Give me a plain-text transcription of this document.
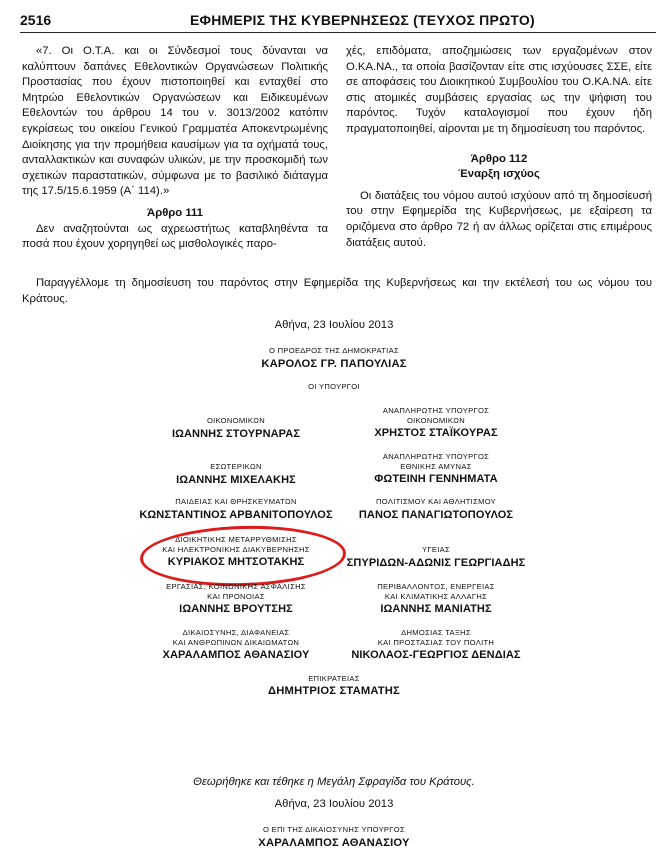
2516	ΕΦΗΜΕΡΙΣ ΤΗΣ ΚΥΒΕΡΝΗΣΕΩΣ (ΤΕΥΧΟΣ ΠΡΩΤΟ)

«7. Οι Ο.Τ.Α. και οι Σύνδεσμοί τους δύνανται να καλύπτουν δαπάνες Εθελοντικών Οργανώσεων Πολιτικής Προστασίας που έχουν πιστοποιηθεί και ενταχθεί στο Μητρώο Εθελοντικών Οργανώσεων και Ειδικευμένων Εθελοντών του άρθρου 14 του ν. 3013/2002 κατόπιν εγκρίσεως του οικείου Γενικού Γραμματέα Αποκεντρωμένης Διοίκησης για την προμήθεια καυσίμων για τα οχήματά τους, ανταλλακτικών και συναφών υλικών, με την προσκομιδή των σχετικών παραστατικών, σύμφωνα με το βασιλικό διάταγμα της 17.5/15.6.1959 (Α΄ 114).»

Άρθρο 111

Δεν αναζητούνται ως αχρεωστήτως καταβληθέντα τα ποσά που έχουν χορηγηθεί ως μισθολογικές παρο-

χές, επιδόματα, αποζημιώσεις των εργαζομένων στον Ο.ΚΑ.ΝΑ., τα οποία βασίζονταν είτε στις ισχύουσες ΣΣΕ, είτε σε αποφάσεις του Διοικητικού Συμβουλίου του Ο.ΚΑ.ΝΑ. είτε στις ατομικές συμβάσεις εργασίας ως την ψήφιση του παρόντος. Τυχόν καταλογισμοί που έχουν ήδη πραγματοποιηθεί, αίρονται με τη δημοσίευση του παρόντος.

Άρθρο 112

Έναρξη ισχύος

Οι διατάξεις του νόμου αυτού ισχύουν από τη δημοσίευσή του στην Εφημερίδα της Κυβερνήσεως, με εξαίρεση τα οριζόμενα στο άρθρο 72 ή αν άλλως ορίζεται στις επιμέρους διατάξεις αυτού.

Παραγγέλλομε τη δημοσίευση του παρόντος στην Εφημερίδα της Κυβερνήσεως και την εκτέλεσή του ως νόμου του Κράτους.

Αθήνα, 23 Ιουλίου 2013
Ο ΠΡΟΕΔΡΟΣ ΤΗΣ ΔΗΜΟΚΡΑΤΙΑΣ
ΚΑΡΟΛΟΣ ΓΡ. ΠΑΠΟΥΛΙΑΣ
ΟΙ ΥΠΟΥΡΓΟΙ
ΟΙΚΟΝΟΜΙΚΩΝ
ΙΩΑΝΝΗΣ ΣΤΟΥΡΝΑΡΑΣ
ΑΝΑΠΛΗΡΩΤΗΣ ΥΠΟΥΡΓΟΣ
ΟΙΚΟΝΟΜΙΚΩΝ
ΧΡΗΣΤΟΣ ΣΤΑΪΚΟΥΡΑΣ
ΕΣΩΤΕΡΙΚΩΝ
ΙΩΑΝΝΗΣ ΜΙΧΕΛΑΚΗΣ
ΑΝΑΠΛΗΡΩΤΗΣ ΥΠΟΥΡΓΟΣ
ΕΘΝΙΚΗΣ ΑΜΥΝΑΣ
ΦΩΤΕΙΝΗ ΓΕΝΝΗΜΑΤΑ
ΠΑΙΔΕΙΑΣ ΚΑΙ ΘΡΗΣΚΕΥΜΑΤΩΝ
ΚΩΝΣΤΑΝΤΙΝΟΣ ΑΡΒΑΝΙΤΟΠΟΥΛΟΣ
ΠΟΛΙΤΙΣΜΟΥ ΚΑΙ ΑΘΛΗΤΙΣΜΟΥ
ΠΑΝΟΣ ΠΑΝΑΓΙΩΤΟΠΟΥΛΟΣ
ΔΙΟΙΚΗΤΙΚΗΣ ΜΕΤΑΡΡΥΘΜΙΣΗΣ
ΚΑΙ ΗΛΕΚΤΡΟΝΙΚΗΣ ΔΙΑΚΥΒΕΡΝΗΣΗΣ
ΚΥΡΙΑΚΟΣ ΜΗΤΣΟΤΑΚΗΣ
ΥΓΕΙΑΣ
ΣΠΥΡΙΔΩΝ-ΑΔΩΝΙΣ ΓΕΩΡΓΙΑΔΗΣ
ΕΡΓΑΣΙΑΣ, ΚΟΙΝΩΝΙΚΗΣ ΑΣΦΑΛΙΣΗΣ
ΚΑΙ ΠΡΟΝΟΙΑΣ
ΙΩΑΝΝΗΣ ΒΡΟΥΤΣΗΣ
ΠΕΡΙΒΑΛΛΟΝΤΟΣ, ΕΝΕΡΓΕΙΑΣ
ΚΑΙ ΚΛΙΜΑΤΙΚΗΣ ΑΛΛΑΓΗΣ
ΙΩΑΝΝΗΣ ΜΑΝΙΑΤΗΣ
ΔΙΚΑΙΟΣΥΝΗΣ, ΔΙΑΦΑΝΕΙΑΣ
ΚΑΙ ΑΝΘΡΩΠΙΝΩΝ ΔΙΚΑΙΩΜΑΤΩΝ
ΧΑΡΑΛΑΜΠΟΣ ΑΘΑΝΑΣΙΟΥ
ΔΗΜΟΣΙΑΣ ΤΑΞΗΣ
ΚΑΙ ΠΡΟΣΤΑΣΙΑΣ ΤΟΥ ΠΟΛΙΤΗ
ΝΙΚΟΛΑΟΣ-ΓΕΩΡΓΙΟΣ ΔΕΝΔΙΑΣ
ΕΠΙΚΡΑΤΕΙΑΣ
ΔΗΜΗΤΡΙΟΣ ΣΤΑΜΑΤΗΣ
Θεωρήθηκε και τέθηκε η Μεγάλη Σφραγίδα του Κράτους.
Αθήνα, 23 Ιουλίου 2013
Ο ΕΠΙ ΤΗΣ ΔΙΚΑΙΟΣΥΝΗΣ ΥΠΟΥΡΓΟΣ
ΧΑΡΑΛΑΜΠΟΣ ΑΘΑΝΑΣΙΟΥ
